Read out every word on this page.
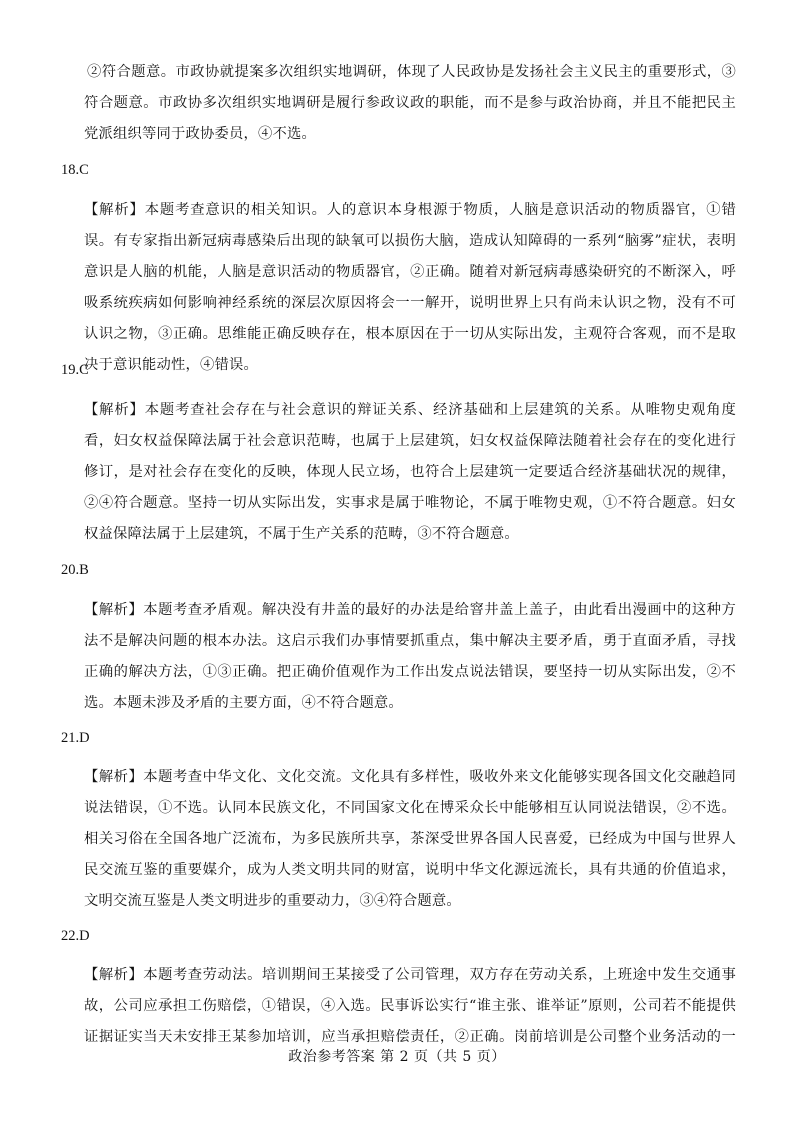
②符合题意。市政协就提案多次组织实地调研，体现了人民政协是发扬社会主义民主的重要形式，③符合题意。市政协多次组织实地调研是履行参政议政的职能，而不是参与政治协商，并且不能把民主党派组织等同于政协委员，④不选。

18.C

【解析】本题考查意识的相关知识。人的意识本身根源于物质，人脑是意识活动的物质器官，①错误。有专家指出新冠病毒感染后出现的缺氧可以损伤大脑，造成认知障碍的一系列“脑雾”症状，表明意识是人脑的机能，人脑是意识活动的物质器官，②正确。随着对新冠病毒感染研究的不断深入，呼吸系统疾病如何影响神经系统的深层次原因将会一一解开，说明世界上只有尚未认识之物，没有不可认识之物，③正确。思维能正确反映存在，根本原因在于一切从实际出发，主观符合客观，而不是取决于意识能动性，④错误。

19.C

【解析】本题考查社会存在与社会意识的辩证关系、经济基础和上层建筑的关系。从唯物史观角度看，妇女权益保障法属于社会意识范畴，也属于上层建筑，妇女权益保障法随着社会存在的变化进行修订，是对社会存在变化的反映，体现人民立场，也符合上层建筑一定要适合经济基础状况的规律，②④符合题意。坚持一切从实际出发，实事求是属于唯物论，不属于唯物史观，①不符合题意。妇女权益保障法属于上层建筑，不属于生产关系的范畴，③不符合题意。

20.B

【解析】本题考查矛盾观。解决没有井盖的最好的办法是给窨井盖上盖子，由此看出漫画中的这种方法不是解决问题的根本办法。这启示我们办事情要抓重点，集中解决主要矛盾，勇于直面矛盾，寻找正确的解决方法，①③正确。把正确价值观作为工作出发点说法错误，要坚持一切从实际出发，②不选。本题未涉及矛盾的主要方面，④不符合题意。

21.D

【解析】本题考查中华文化、文化交流。文化具有多样性，吸收外来文化能够实现各国文化交融趋同说法错误，①不选。认同本民族文化，不同国家文化在博采众长中能够相互认同说法错误，②不选。相关习俗在全国各地广泛流布，为多民族所共享，茶深受世界各国人民喜爱，已经成为中国与世界人民交流互鉴的重要媒介，成为人类文明共同的财富，说明中华文化源远流长，具有共通的价值追求，文明交流互鉴是人类文明进步的重要动力，③④符合题意。

22.D

【解析】本题考查劳动法。培训期间王某接受了公司管理，双方存在劳动关系，上班途中发生交通事故，公司应承担工伤赔偿，①错误，④入选。民事诉讼实行“谁主张、谁举证”原则，公司若不能提供证据证实当天未安排王某参加培训，应当承担赔偿责任，②正确。岗前培训是公司整个业务活动的一

政治参考答案 第 2 页（共 5 页）
